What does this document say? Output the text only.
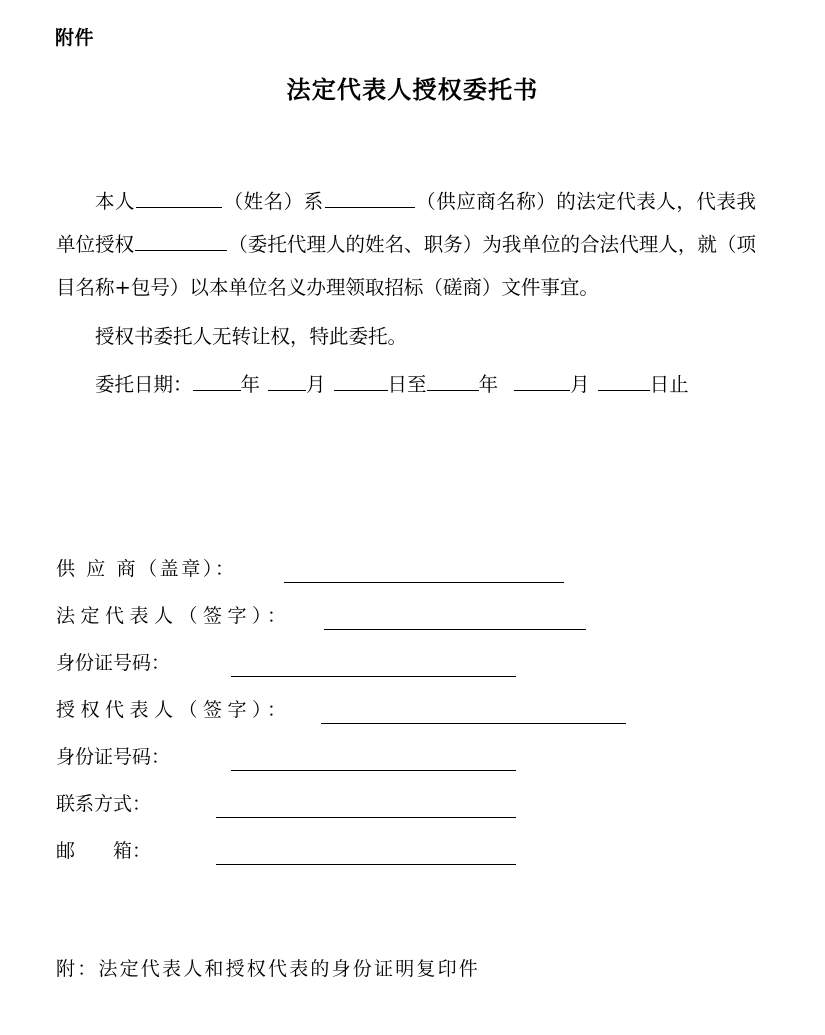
附件
法定代表人授权委托书

本人	（姓名）系	（供应商名称）的法定代表人，代表我单位授权	（委托代理人的姓名、职务）为我单位的合法代理人，就（项目名称+包号）以本单位名义办理领取招标（磋商）文件事宜。

授权书委托人无转让权，特此委托。

委托日期： 年 月	日至	年	月	日止
供 应 商（盖章）：
法定代表人（签字）：
身份证号码：
授权代表人（签字）：
身份证号码：
联系方式：
邮　　箱：
附：法定代表人和授权代表的身份证明复印件
